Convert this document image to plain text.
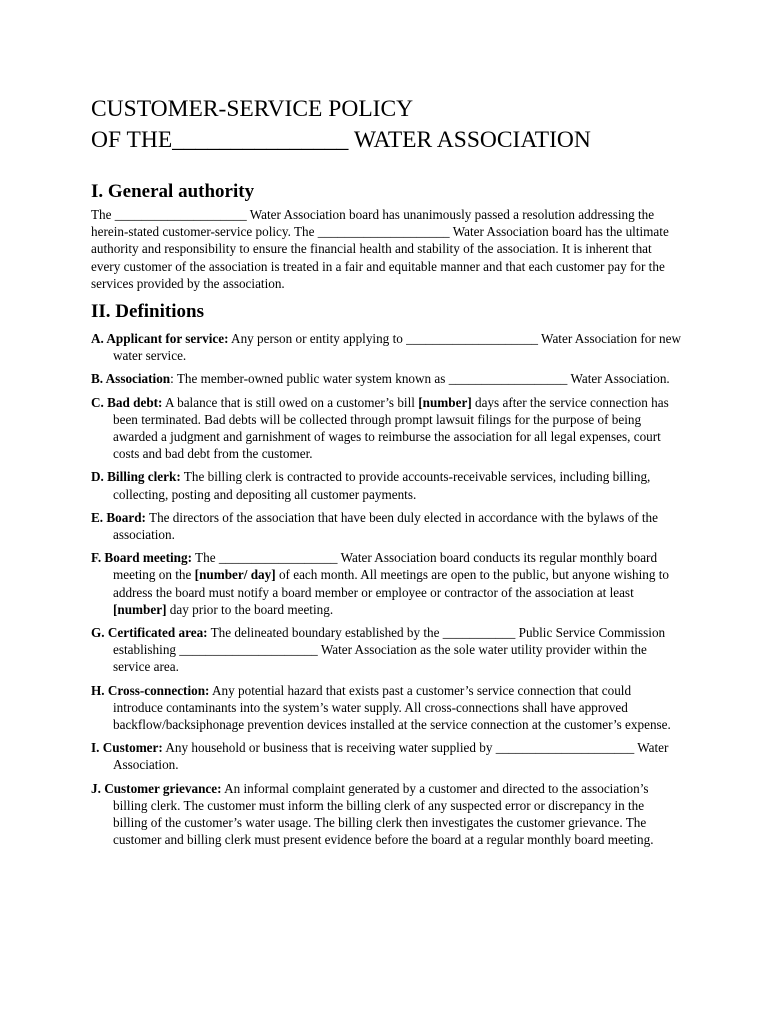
CUSTOMER-SERVICE POLICY
OF THE_______________ WATER ASSOCIATION
I. General authority

The ____________________ Water Association board has unanimously passed a resolution addressing the herein-stated customer-service policy. The ____________________ Water Association board has the ultimate authority and responsibility to ensure the financial health and stability of the association. It is inherent that every customer of the association is treated in a fair and equitable manner and that each customer pay for the services provided by the association.

II. Definitions
A. Applicant for service: Any person or entity applying to ____________________ Water Association for new water service.
B. Association: The member-owned public water system known as __________________ Water Association.
C. Bad debt: A balance that is still owed on a customer’s bill [number] days after the service connection has been terminated. Bad debts will be collected through prompt lawsuit filings for the purpose of being awarded a judgment and garnishment of wages to reimburse the association for all legal expenses, court costs and bad debt from the customer.
D. Billing clerk: The billing clerk is contracted to provide accounts-receivable services, including billing, collecting, posting and depositing all customer payments.
E. Board: The directors of the association that have been duly elected in accordance with the bylaws of the association.
F. Board meeting: The __________________ Water Association board conducts its regular monthly board meeting on the [number/ day] of each month. All meetings are open to the public, but anyone wishing to address the board must notify a board member or employee or contractor of the association at least [number] day prior to the board meeting.
G. Certificated area: The delineated boundary established by the ___________ Public Service Commission establishing _____________________ Water Association as the sole water utility provider within the service area.
H. Cross-connection: Any potential hazard that exists past a customer’s service connection that could introduce contaminants into the system’s water supply. All cross-connections shall have approved backflow/backsiphonage prevention devices installed at the service connection at the customer’s expense.
I. Customer: Any household or business that is receiving water supplied by _____________________ Water Association.
J. Customer grievance: An informal complaint generated by a customer and directed to the association’s billing clerk. The customer must inform the billing clerk of any suspected error or discrepancy in the billing of the customer’s water usage. The billing clerk then investigates the customer grievance. The customer and billing clerk must present evidence before the board at a regular monthly board meeting.
